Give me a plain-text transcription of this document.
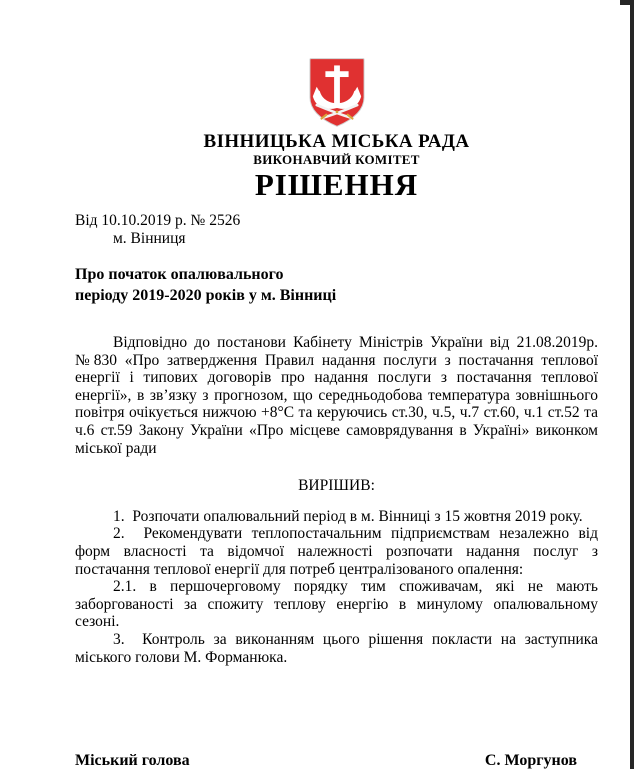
ВІННИЦЬКА МІСЬКА РАДА
ВИКОНАВЧИЙ КОМІТЕТ
РІШЕННЯ
Від 10.10.2019 р. № 2526
м. Вінниця
Про початок опалювального
періоду 2019-2020 років у м. Вінниці

Відповідно до постанови Кабінету Міністрів України від 21.08.2019р. №830 «Про затвердження Правил надання послуги з постачання теплової енергії і типових договорів про надання послуги з постачання теплової енергії», в зв’язку з прогнозом, що середньодобова температура зовнішнього повітря очікується нижчою +8°С та керуючись ст.30, ч.5, ч.7 ст.60, ч.1 ст.52 та ч.6 ст.59 Закону України «Про місцеве самоврядування в Україні» виконком міської ради

ВИРІШИВ:

1.  Розпочати опалювальний період в м. Вінниці з 15 жовтня 2019 року.

2.  Рекомендувати теплопостачальним підприємствам незалежно від форм власності та відомчої належності розпочати надання послуг з постачання теплової енергії для потреб централізованого опалення:

2.1. в першочерговому порядку тим споживачам, які не мають заборгованості за спожиту теплову енергію в минулому опалювальному сезоні.

3.  Контроль за виконанням цього рішення покласти на заступника міського голови М. Форманюка.

Міський голова	С. Моргунов
